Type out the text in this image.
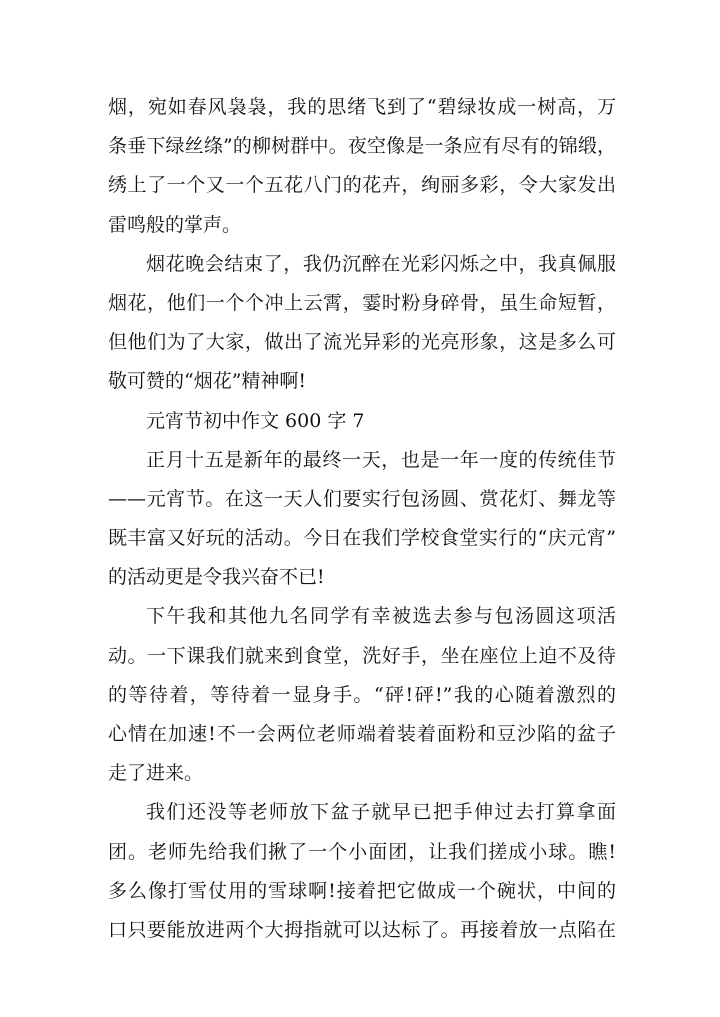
烟，宛如春风袅袅，我的思绪飞到了“碧绿妆成一树高，万
条垂下绿丝绦”的柳树群中。夜空像是一条应有尽有的锦缎，
绣上了一个又一个五花八门的花卉，绚丽多彩，令大家发出
雷鸣般的掌声。
烟花晚会结束了，我仍沉醉在光彩闪烁之中，我真佩服
烟花，他们一个个冲上云霄，霎时粉身碎骨，虽生命短暂，
但他们为了大家，做出了流光异彩的光亮形象，这是多么可
敬可赞的“烟花”精神啊!
元宵节初中作文 600 字 7
正月十五是新年的最终一天，也是一年一度的传统佳节
——元宵节。在这一天人们要实行包汤圆、赏花灯、舞龙等
既丰富又好玩的活动。今日在我们学校食堂实行的“庆元宵”
的活动更是令我兴奋不已!
下午我和其他九名同学有幸被选去参与包汤圆这项活
动。一下课我们就来到食堂，洗好手，坐在座位上迫不及待
的等待着，等待着一显身手。“砰!砰!”我的心随着激烈的
心情在加速!不一会两位老师端着装着面粉和豆沙陷的盆子
走了进来。
我们还没等老师放下盆子就早已把手伸过去打算拿面
团。老师先给我们揪了一个小面团，让我们搓成小球。瞧!
多么像打雪仗用的雪球啊!接着把它做成一个碗状，中间的
口只要能放进两个大拇指就可以达标了。再接着放一点陷在
